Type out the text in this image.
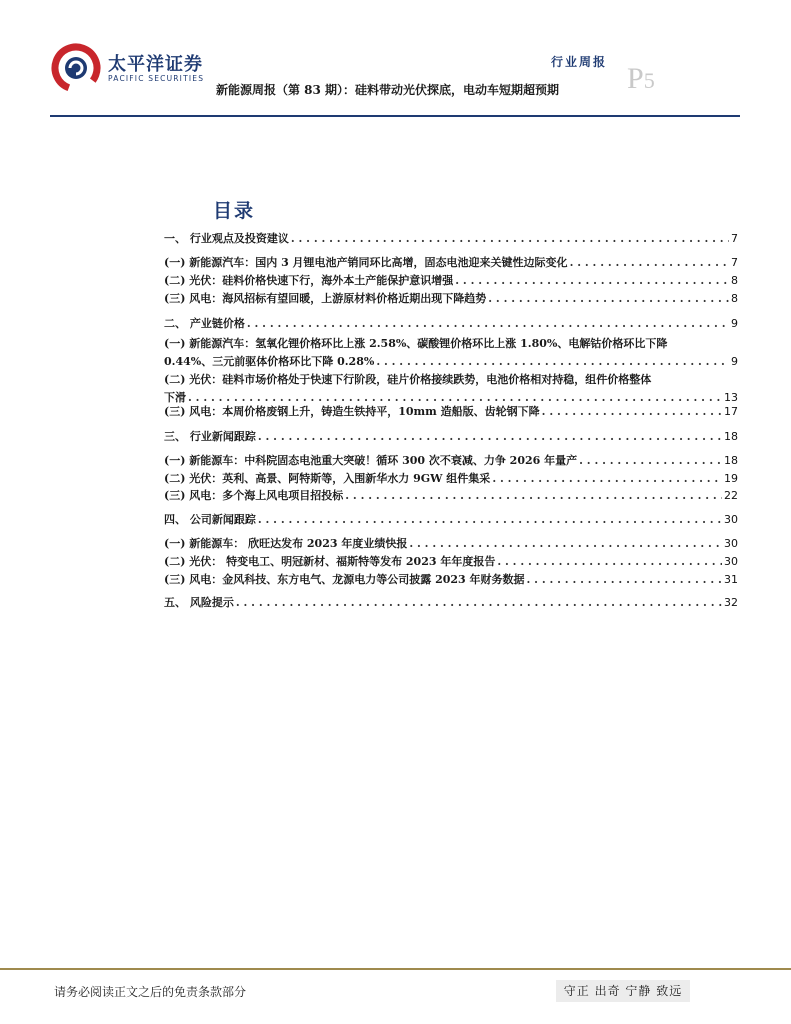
太平洋证券
PACIFIC SECURITIES
行业周报
新能源周报（第 83 期）：硅料带动光伏探底，电动车短期超预期 P5
目录
一、 行业观点及投资建议 . . .	7
(一) 新能源汽车：国内 3 月锂电池产销同环比高增，固态电池迎来关键性边际变化 . . .	7
(二) 光伏：硅料价格快速下行，海外本土产能保护意识增强 . . .	8
(三) 风电：海风招标有望回暖，上游原材料价格近期出现下降趋势 . . .	8
二、 产业链价格 . . .	9
(一) 新能源汽车：氢氧化锂价格环比上涨 2.58%、碳酸锂价格环比上涨 1.80%、电解钴价格环比下降
0.44%、三元前驱体价格环比下降 0.28% . . .	9
(二) 光伏：硅料市场价格处于快速下行阶段，硅片价格接续跌势，电池价格相对持稳，组件价格整体
下滑 . . .	13
(三) 风电：本周价格废钢上升，铸造生铁持平，10mm 造船版、齿轮钢下降 . . .	17
三、 行业新闻跟踪 . . .	18
(一) 新能源车：中科院固态电池重大突破！循环 300 次不衰减、力争 2026 年量产 . . .	18
(二) 光伏：英利、高景、阿特斯等，入围新华水力 9GW 组件集采 . . .	19
(三) 风电：多个海上风电项目招投标 . . .	22
四、 公司新闻跟踪 . . .	30
(一) 新能源车： 欣旺达发布 2023 年度业绩快报 . . .	30
(二) 光伏： 特变电工、明冠新材、福斯特等发布 2023 年年度报告 . . .	30
(三) 风电：金风科技、东方电气、龙源电力等公司披露 2023 年财务数据 . . .	31
五、 风险提示 . . .	32
请务必阅读正文之后的免责条款部分	守正 出奇 宁静 致远
